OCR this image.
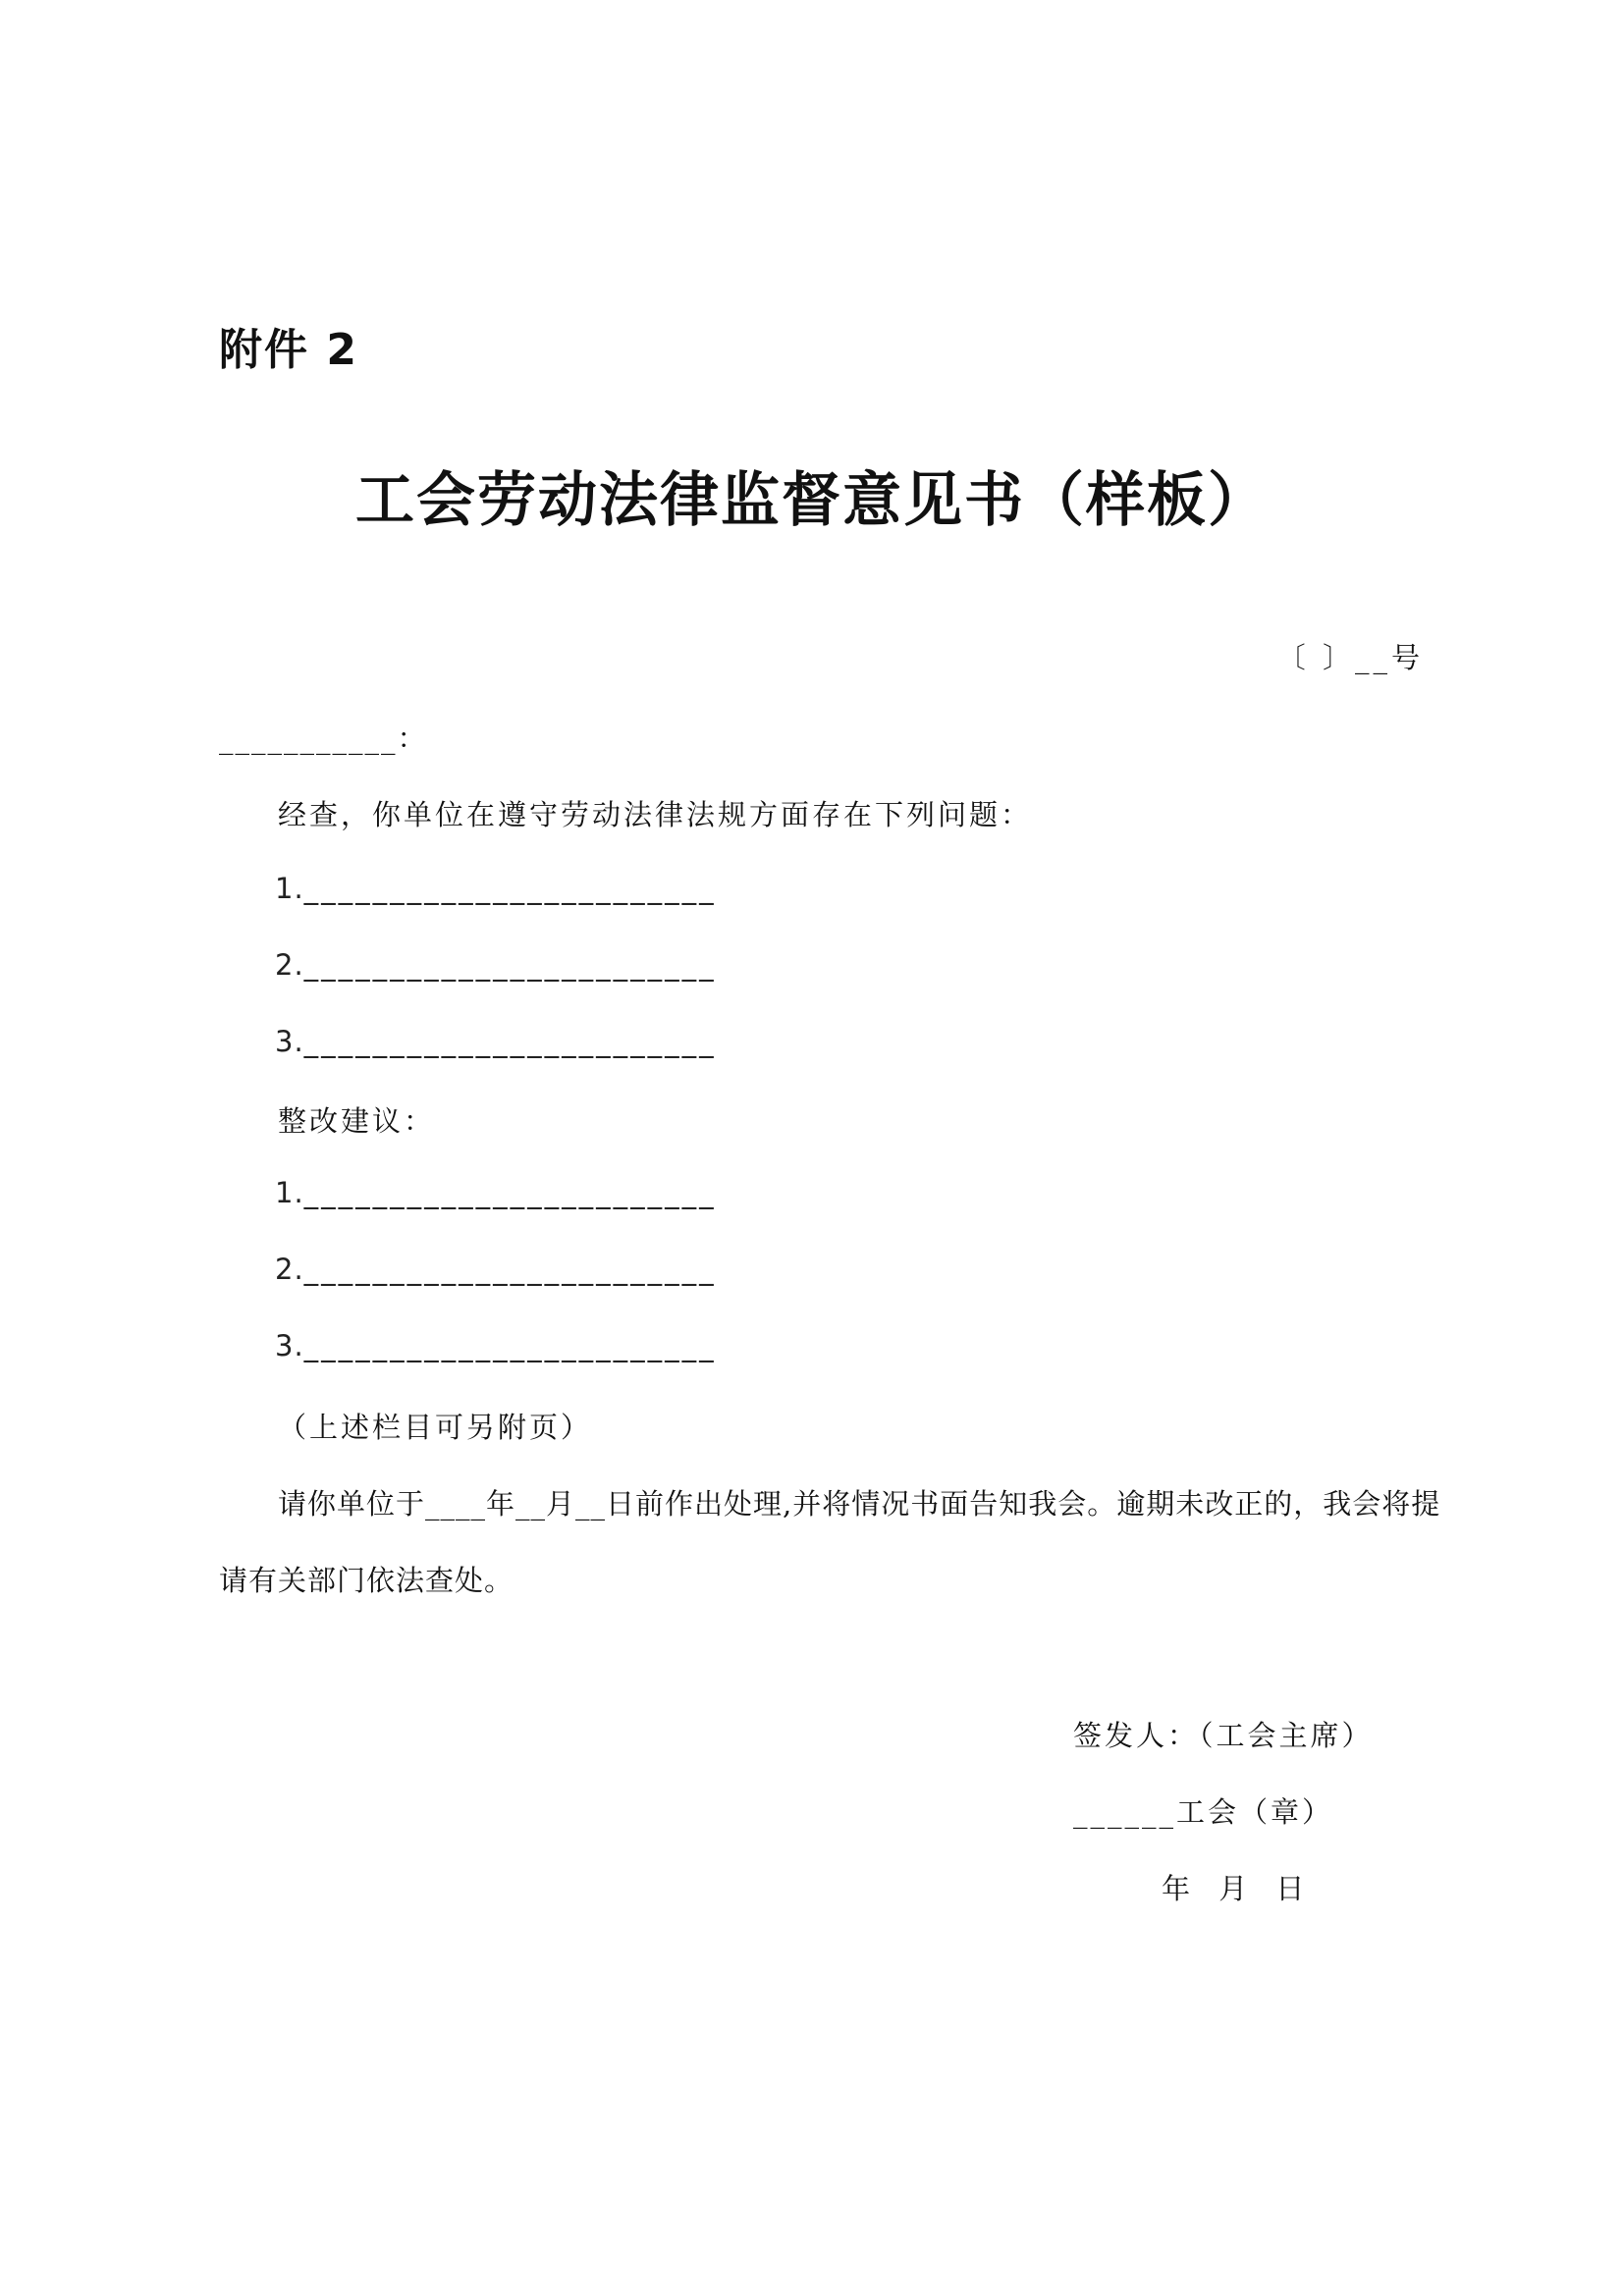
附件 2
工会劳动法律监督意见书（样板）
〔 〕__号
___________：
经查，你单位在遵守劳动法律法规方面存在下列问题：
1.________________________
2.________________________
3.________________________
整改建议：
1.________________________
2.________________________
3.________________________
（上述栏目可另附页）
请你单位于____年__月__日前作出处理,并将情况书面告知我会。逾期未改正的，我会将提
请有关部门依法查处。
签发人：（工会主席）
______工会（章）
年 月 日
